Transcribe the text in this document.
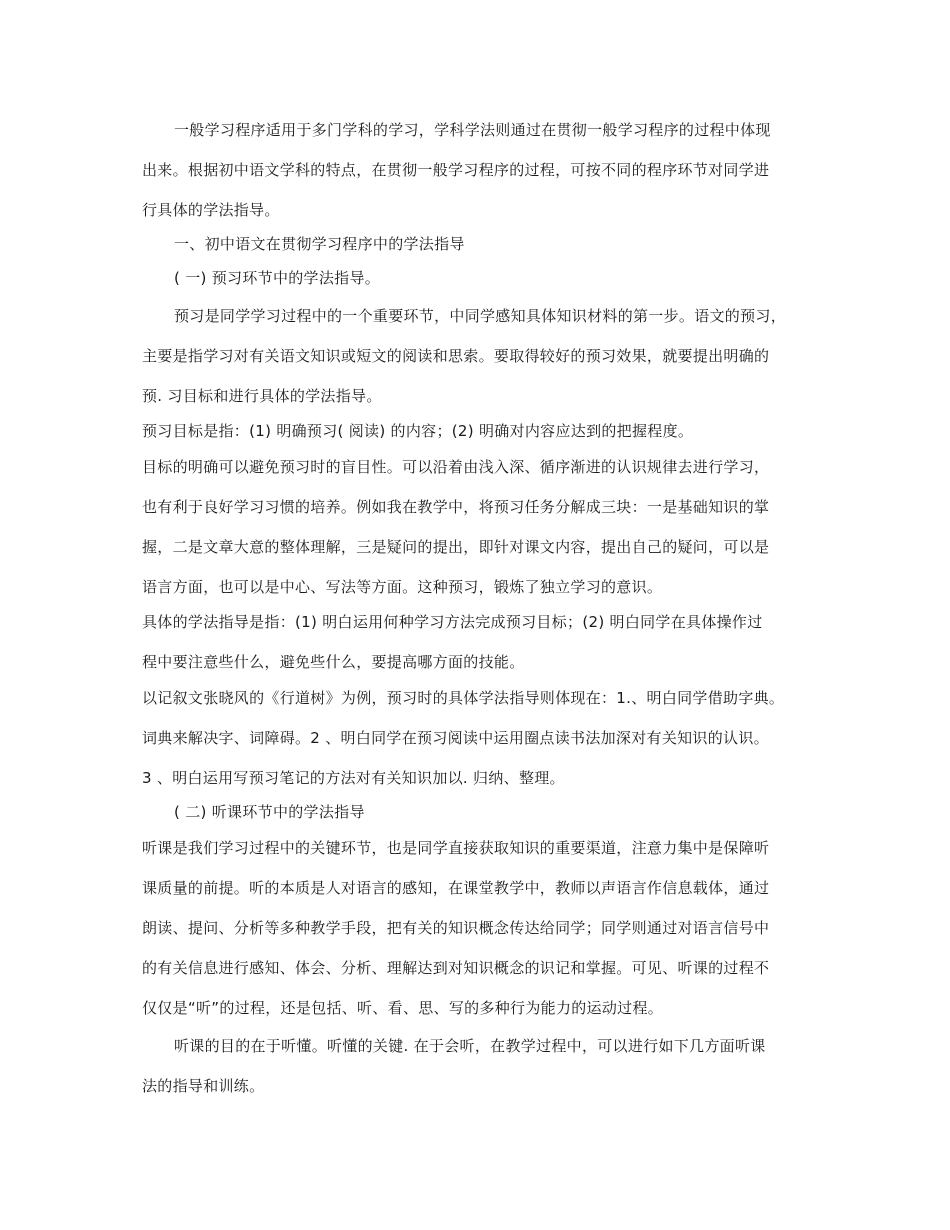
一般学习程序适用于多门学科的学习，学科学法则通过在贯彻一般学习程序的过程中体现
出来。根据初中语文学科的特点，在贯彻一般学习程序的过程，可按不同的程序环节对同学进
行具体的学法指导。
一、初中语文在贯彻学习程序中的学法指导
( 一) 预习环节中的学法指导。
预习是同学学习过程中的一个重要环节，中同学感知具体知识材料的第一步。语文的预习，
主要是指学习对有关语文知识或短文的阅读和思索。要取得较好的预习效果，就要提出明确的
预. 习目标和进行具体的学法指导。
预习目标是指：(1) 明确预习( 阅读) 的内容；(2) 明确对内容应达到的把握程度。
目标的明确可以避免预习时的盲目性。可以沿着由浅入深、循序渐进的认识规律去进行学习，
也有利于良好学习习惯的培养。例如我在教学中，将预习任务分解成三块：一是基础知识的掌
握，二是文章大意的整体理解，三是疑问的提出，即针对课文内容，提出自己的疑问，可以是
语言方面，也可以是中心、写法等方面。这种预习，锻炼了独立学习的意识。
具体的学法指导是指：(1) 明白运用何种学习方法完成预习目标；(2) 明白同学在具体操作过
程中要注意些什么，避免些什么，要提高哪方面的技能。
以记叙文张晓风的《行道树》为例，预习时的具体学法指导则体现在：1.、明白同学借助字典。
词典来解决字、词障碍。2 、明白同学在预习阅读中运用圈点读书法加深对有关知识的认识。
3 、明白运用写预习笔记的方法对有关知识加以. 归纳、整理。
( 二) 听课环节中的学法指导
听课是我们学习过程中的关键环节，也是同学直接获取知识的重要渠道，注意力集中是保障听
课质量的前提。听的本质是人对语言的感知，在课堂教学中，教师以声语言作信息载体，通过
朗读、提问、分析等多种教学手段，把有关的知识概念传达给同学；同学则通过对语言信号中
的有关信息进行感知、体会、分析、理解达到对知识概念的识记和掌握。可见、听课的过程不
仅仅是“听”的过程，还是包括、听、看、思、写的多种行为能力的运动过程。
听课的目的在于听懂。听懂的关键. 在于会听，在教学过程中，可以进行如下几方面听课
法的指导和训练。
